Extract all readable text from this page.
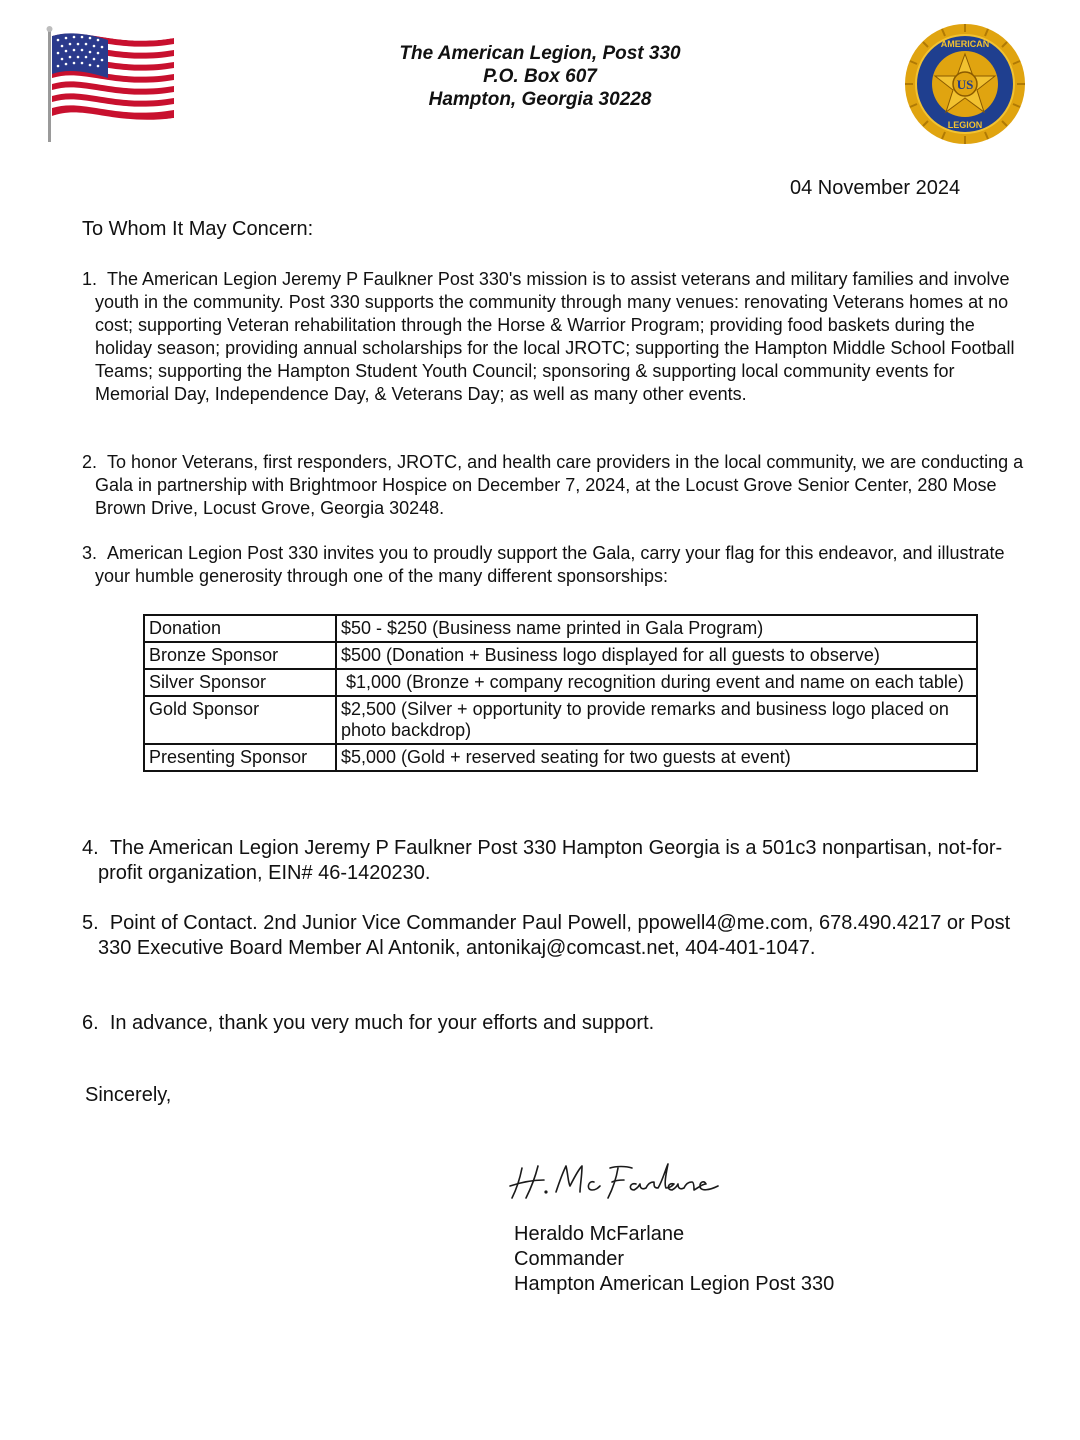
The American Legion, Post 330
P.O. Box 607
Hampton, Georgia 30228
US
AMERICAN
LEGION
04 November 2024
To Whom It May Concern:
1. The American Legion Jeremy P Faulkner Post 330's mission is to assist veterans and military families and involve youth in the community. Post 330 supports the community through many venues: renovating Veterans homes at no cost; supporting Veteran rehabilitation through the Horse & Warrior Program; providing food baskets during the holiday season; providing annual scholarships for the local JROTC; supporting the Hampton Middle School Football Teams; supporting the Hampton Student Youth Council; sponsoring & supporting local community events for Memorial Day, Independence Day, & Veterans Day; as well as many other events.
2. To honor Veterans, first responders, JROTC, and health care providers in the local community, we are conducting a Gala in partnership with Brightmoor Hospice on December 7, 2024, at the Locust Grove Senior Center, 280 Mose Brown Drive, Locust Grove, Georgia 30248.
3. American Legion Post 330 invites you to proudly support the Gala, carry your flag for this endeavor, and illustrate your humble generosity through one of the many different sponsorships:
Donation	$50 - $250 (Business name printed in Gala Program)
Bronze Sponsor	$500 (Donation + Business logo displayed for all guests to observe)
Silver Sponsor	$1,000 (Bronze + company recognition during event and name on each table)
Gold Sponsor	$2,500 (Silver + opportunity to provide remarks and business logo placed on photo backdrop)
Presenting Sponsor	$5,000 (Gold + reserved seating for two guests at event)
4. The American Legion Jeremy P Faulkner Post 330 Hampton Georgia is a 501c3 nonpartisan, not-for-profit organization, EIN# 46-1420230.
5. Point of Contact. 2nd Junior Vice Commander Paul Powell, ppowell4@me.com, 678.490.4217 or Post 330 Executive Board Member Al Antonik, antonikaj@comcast.net, 404-401-1047.
6. In advance, thank you very much for your efforts and support.
Sincerely,
Heraldo McFarlane
Commander
Hampton American Legion Post 330
